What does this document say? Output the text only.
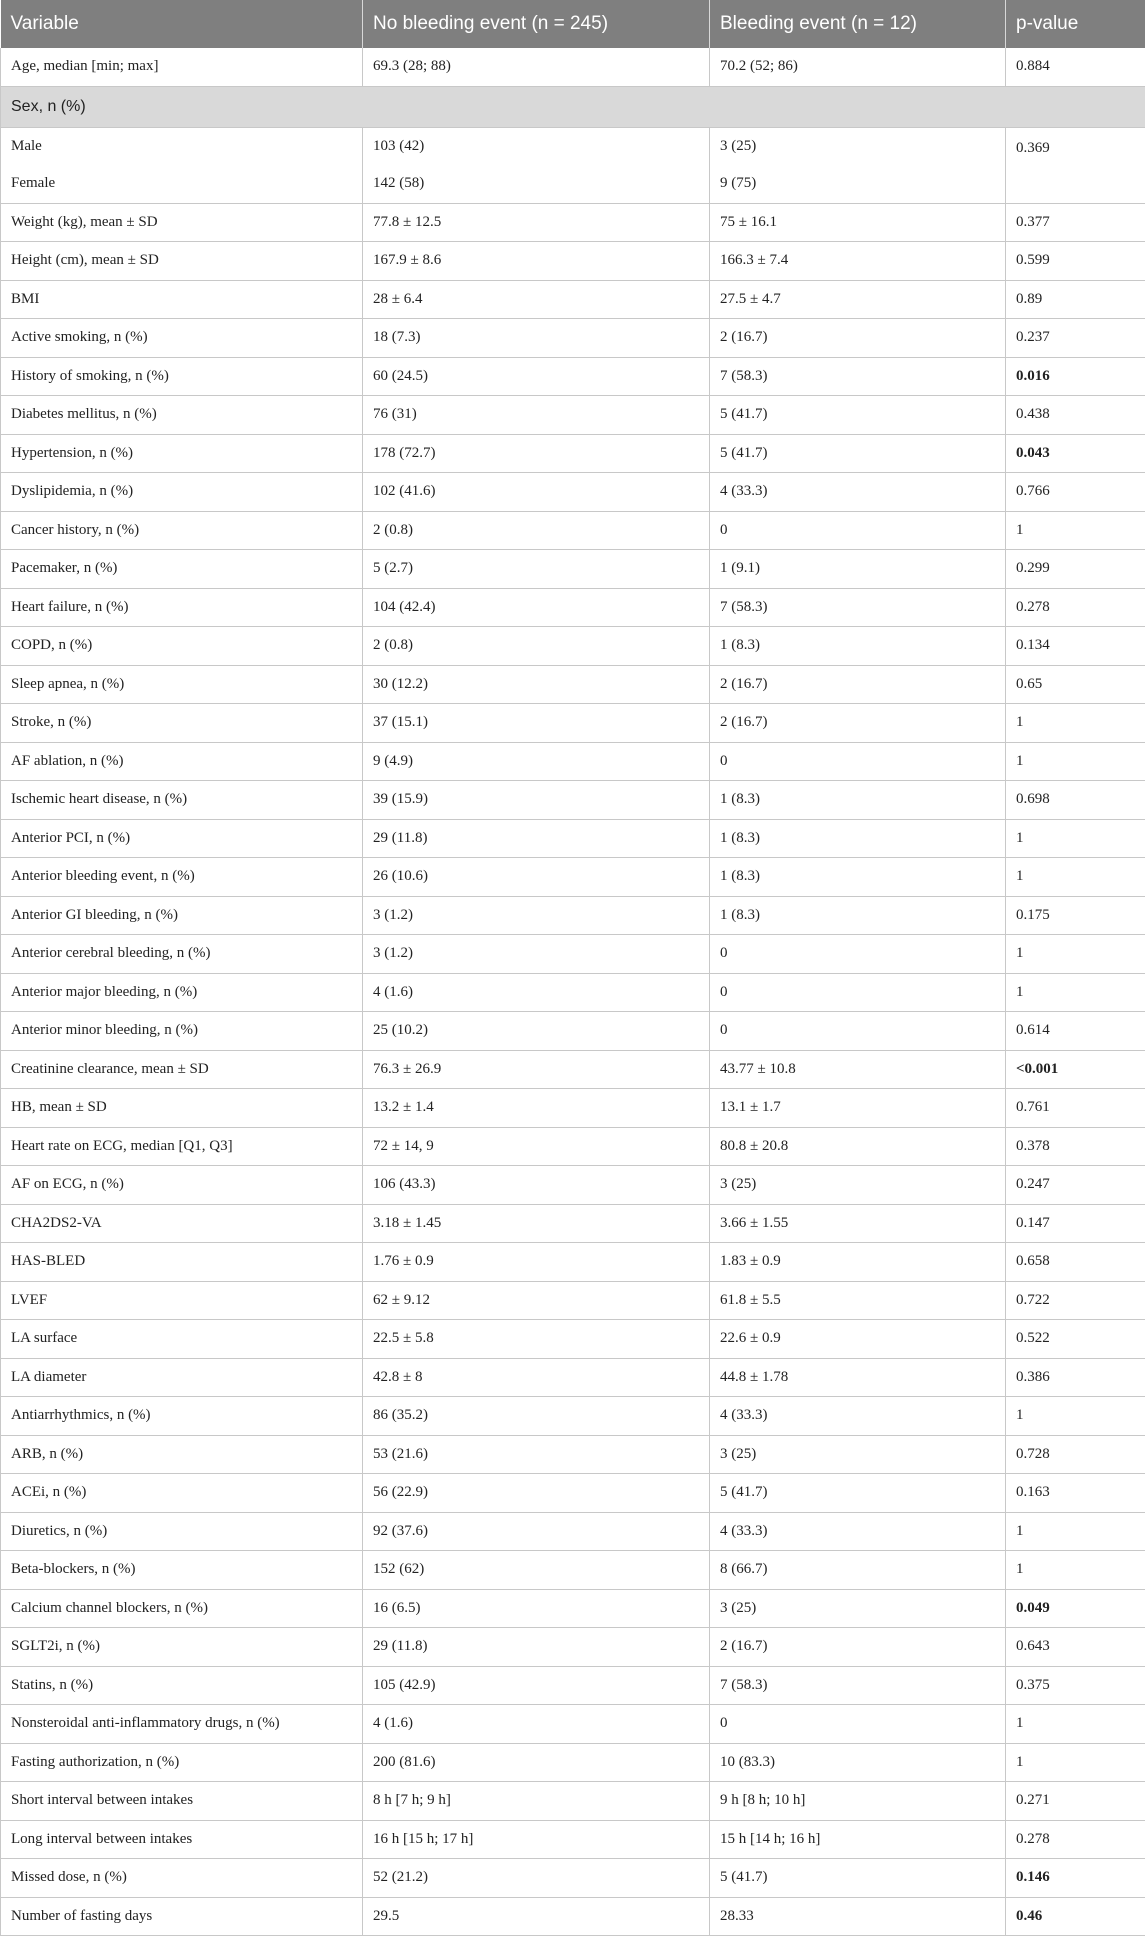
Variable	No bleeding event (n = 245)	Bleeding event (n = 12)	p-value
Age, median [min; max]	69.3 (28; 88)	70.2 (52; 86)	0.884
Sex, n (%)			
Male	103 (42)	3 (25)	0.369
Female	142 (58)	9 (75)	
Weight (kg), mean ± SD	77.8 ± 12.5	75 ± 16.1	0.377
Height (cm), mean ± SD	167.9 ± 8.6	166.3 ± 7.4	0.599
BMI	28 ± 6.4	27.5 ± 4.7	0.89
Active smoking, n (%)	18 (7.3)	2 (16.7)	0.237
History of smoking, n (%)	60 (24.5)	7 (58.3)	0.016
Diabetes mellitus, n (%)	76 (31)	5 (41.7)	0.438
Hypertension, n (%)	178 (72.7)	5 (41.7)	0.043
Dyslipidemia, n (%)	102 (41.6)	4 (33.3)	0.766
Cancer history, n (%)	2 (0.8)	0	1
Pacemaker, n (%)	5 (2.7)	1 (9.1)	0.299
Heart failure, n (%)	104 (42.4)	7 (58.3)	0.278
COPD, n (%)	2 (0.8)	1 (8.3)	0.134
Sleep apnea, n (%)	30 (12.2)	2 (16.7)	0.65
Stroke, n (%)	37 (15.1)	2 (16.7)	1
AF ablation, n (%)	9 (4.9)	0	1
Ischemic heart disease, n (%)	39 (15.9)	1 (8.3)	0.698
Anterior PCI, n (%)	29 (11.8)	1 (8.3)	1
Anterior bleeding event, n (%)	26 (10.6)	1 (8.3)	1
Anterior GI bleeding, n (%)	3 (1.2)	1 (8.3)	0.175
Anterior cerebral bleeding, n (%)	3 (1.2)	0	1
Anterior major bleeding, n (%)	4 (1.6)	0	1
Anterior minor bleeding, n (%)	25 (10.2)	0	0.614
Creatinine clearance, mean ± SD	76.3 ± 26.9	43.77 ± 10.8	<0.001
HB, mean ± SD	13.2 ± 1.4	13.1 ± 1.7	0.761
Heart rate on ECG, median [Q1, Q3]	72 ± 14, 9	80.8 ± 20.8	0.378
AF on ECG, n (%)	106 (43.3)	3 (25)	0.247
CHA2DS2-VA	3.18 ± 1.45	3.66 ± 1.55	0.147
HAS-BLED	1.76 ± 0.9	1.83 ± 0.9	0.658
LVEF	62 ± 9.12	61.8 ± 5.5	0.722
LA surface	22.5 ± 5.8	22.6 ± 0.9	0.522
LA diameter	42.8 ± 8	44.8 ± 1.78	0.386
Antiarrhythmics, n (%)	86 (35.2)	4 (33.3)	1
ARB, n (%)	53 (21.6)	3 (25)	0.728
ACEi, n (%)	56 (22.9)	5 (41.7)	0.163
Diuretics, n (%)	92 (37.6)	4 (33.3)	1
Beta-blockers, n (%)	152 (62)	8 (66.7)	1
Calcium channel blockers, n (%)	16 (6.5)	3 (25)	0.049
SGLT2i, n (%)	29 (11.8)	2 (16.7)	0.643
Statins, n (%)	105 (42.9)	7 (58.3)	0.375
Nonsteroidal anti-inflammatory drugs, n (%)	4 (1.6)	0	1
Fasting authorization, n (%)	200 (81.6)	10 (83.3)	1
Short interval between intakes	8 h [7 h; 9 h]	9 h [8 h; 10 h]	0.271
Long interval between intakes	16 h [15 h; 17 h]	15 h [14 h; 16 h]	0.278
Missed dose, n (%)	52 (21.2)	5 (41.7)	0.146
Number of fasting days	29.5	28.33	0.46
